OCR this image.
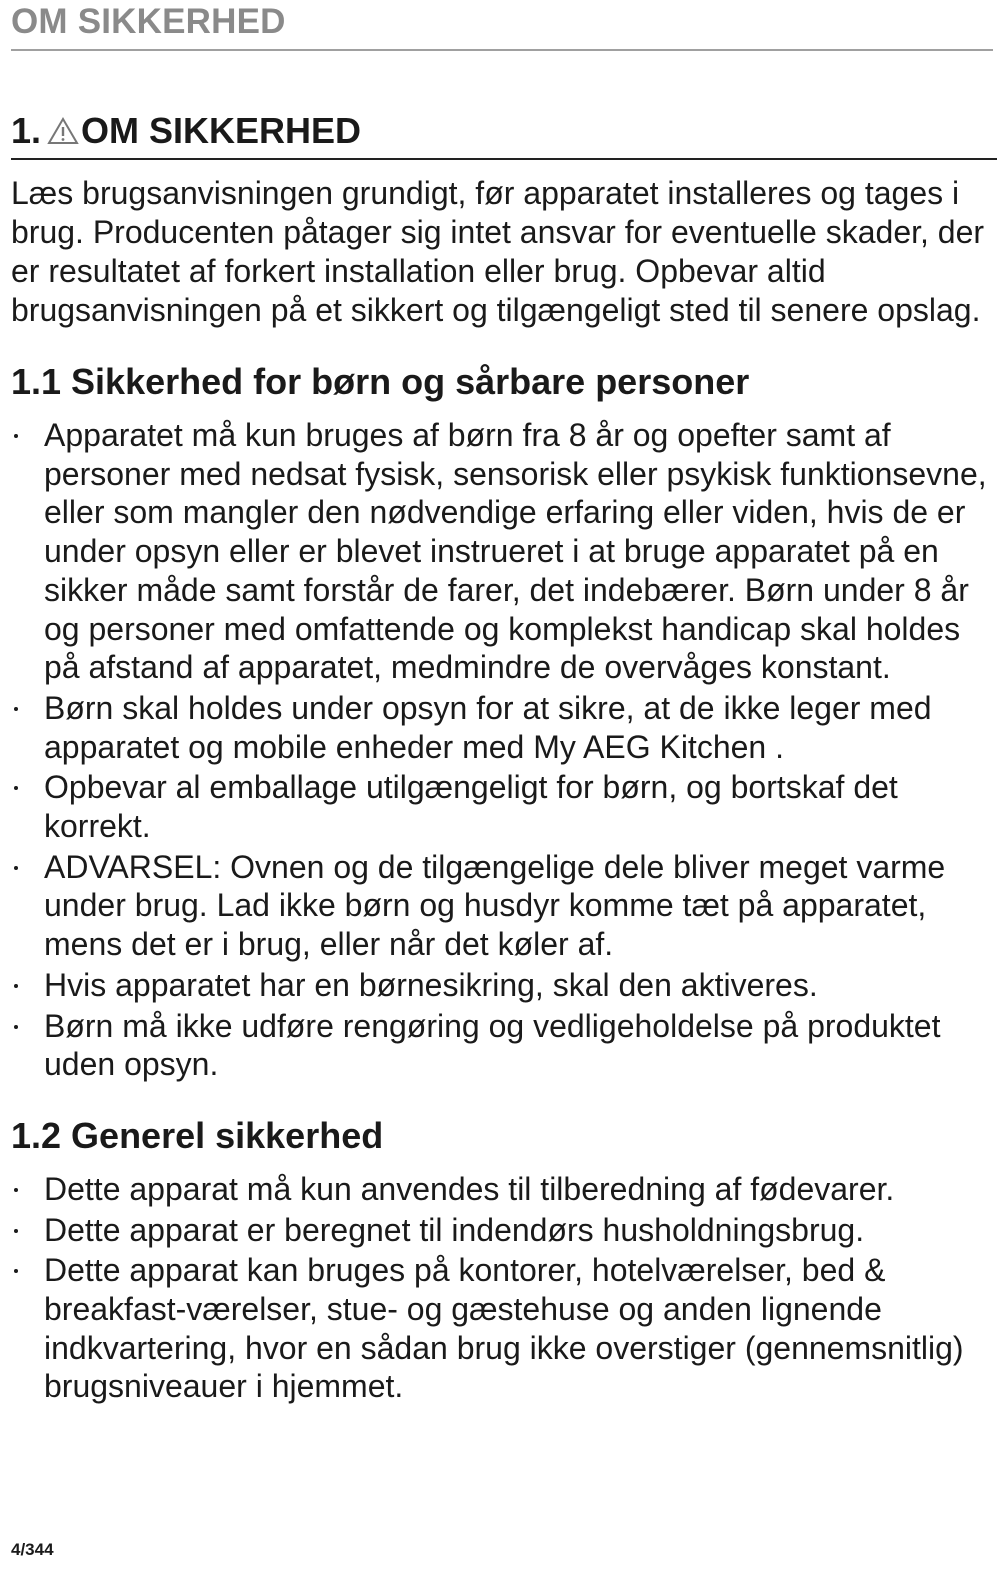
OM SIKKERHED
1. OM SIKKERHED

Læs brugsanvisningen grundigt, før apparatet installeres og tages i brug. Producenten påtager sig intet ansvar for eventuelle skader, der er resultatet af forkert installation eller brug. Opbevar altid brugsanvisningen på et sikkert og tilgængeligt sted til senere opslag.

1.1 Sikkerhed for børn og sårbare personer
Apparatet må kun bruges af børn fra 8 år og opefter samt af personer med nedsat fysisk, sensorisk eller psykisk funktionsevne, eller som mangler den nødvendige erfaring eller viden, hvis de er under opsyn eller er blevet instrueret i at bruge apparatet på en sikker måde samt forstår de farer, det indebærer. Børn under 8 år og personer med omfattende og komplekst handicap skal holdes på afstand af apparatet, medmindre de overvåges konstant.
Børn skal holdes under opsyn for at sikre, at de ikke leger med apparatet og mobile enheder med My AEG Kitchen .
Opbevar al emballage utilgængeligt for børn, og bortskaf det korrekt.
ADVARSEL: Ovnen og de tilgængelige dele bliver meget varme under brug. Lad ikke børn og husdyr komme tæt på apparatet, mens det er i brug, eller når det køler af.
Hvis apparatet har en børnesikring, skal den aktiveres.
Børn må ikke udføre rengøring og vedligeholdelse på produktet uden opsyn.
1.2 Generel sikkerhed
Dette apparat må kun anvendes til tilberedning af fødevarer.
Dette apparat er beregnet til indendørs husholdningsbrug.
Dette apparat kan bruges på kontorer, hotelværelser, bed & breakfast-værelser, stue- og gæstehuse og anden lignende indkvartering, hvor en sådan brug ikke overstiger (gennemsnitlig) brugsniveauer i hjemmet.
4/344
